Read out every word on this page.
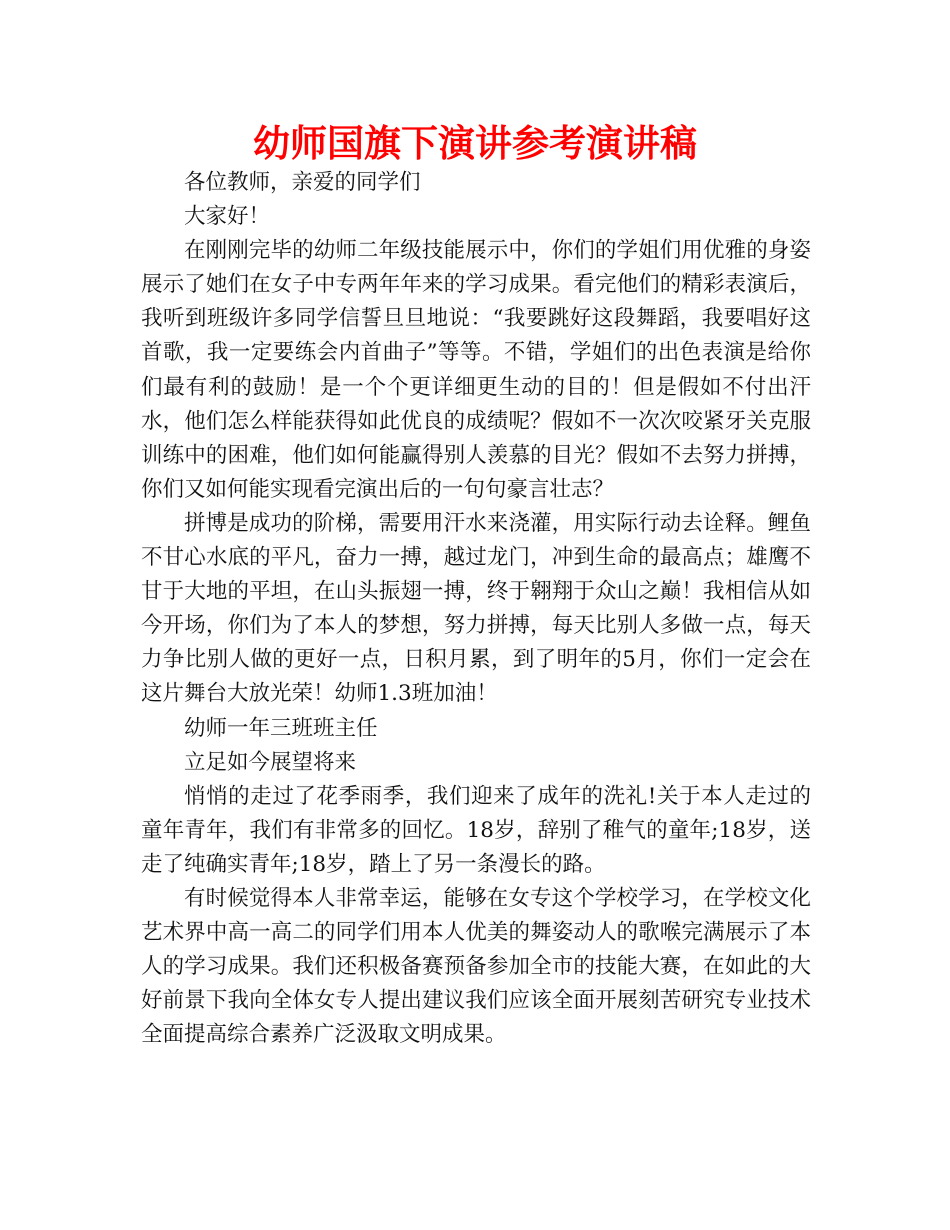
幼师国旗下演讲参考演讲稿

各位教师，亲爱的同学们

大家好！

在刚刚完毕的幼师二年级技能展示中，你们的学姐们用优雅的身姿展示了她们在女子中专两年年来的学习成果。看完他们的精彩表演后，我听到班级许多同学信誓旦旦地说：“我要跳好这段舞蹈，我要唱好这首歌，我一定要练会内首曲子”等等。不错，学姐们的出色表演是给你们最有利的鼓励！是一个个更详细更生动的目的！但是假如不付出汗水，他们怎么样能获得如此优良的成绩呢？假如不一次次咬紧牙关克服训练中的困难，他们如何能赢得别人羡慕的目光？假如不去努力拼搏，你们又如何能实现看完演出后的一句句豪言壮志？

拼博是成功的阶梯，需要用汗水来浇灌，用实际行动去诠释。鲤鱼不甘心水底的平凡，奋力一搏，越过龙门，冲到生命的最高点；雄鹰不甘于大地的平坦，在山头振翅一搏，终于翱翔于众山之巅！我相信从如今开场，你们为了本人的梦想，努力拼搏，每天比别人多做一点，每天力争比别人做的更好一点，日积月累，到了明年的5月，你们一定会在这片舞台大放光荣！幼师1.3班加油！

幼师一年三班班主任

立足如今展望将来

悄悄的走过了花季雨季，我们迎来了成年的洗礼!关于本人走过的童年青年，我们有非常多的回忆。18岁，辞别了稚气的童年;18岁，送走了纯确实青年;18岁，踏上了另一条漫长的路。

有时候觉得本人非常幸运，能够在女专这个学校学习，在学校文化艺术界中高一高二的同学们用本人优美的舞姿动人的歌喉完满展示了本人的学习成果。我们还积极备赛预备参加全市的技能大赛，在如此的大好前景下我向全体女专人提出建议我们应该全面开展刻苦研究专业技术全面提高综合素养广泛汲取文明成果。
